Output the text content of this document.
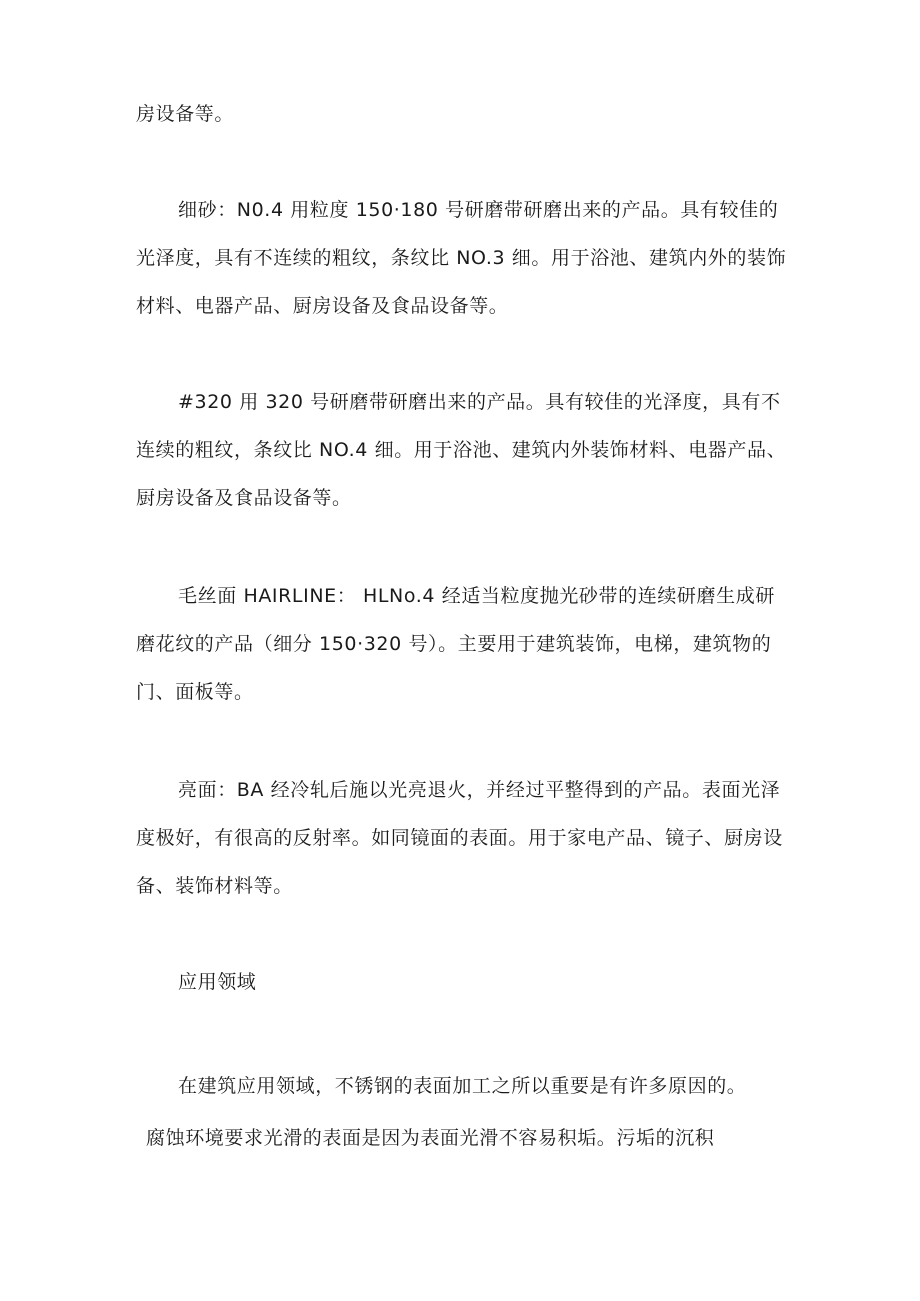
房设备等。
细砂：N0.4 用粒度 150·180 号研磨带研磨出来的产品。具有较佳的
光泽度，具有不连续的粗纹，条纹比 NO.3 细。用于浴池、建筑内外的装饰
材料、电器产品、厨房设备及食品设备等。
#320 用 320 号研磨带研磨出来的产品。具有较佳的光泽度，具有不
连续的粗纹，条纹比 NO.4 细。用于浴池、建筑内外装饰材料、电器产品、
厨房设备及食品设备等。
毛丝面 HAIRLINE： HLNo.4 经适当粒度抛光砂带的连续研磨生成研
磨花纹的产品（细分 150·320 号）。主要用于建筑装饰，电梯，建筑物的
门、面板等。
亮面：BA 经冷轧后施以光亮退火，并经过平整得到的产品。表面光泽
度极好，有很高的反射率。如同镜面的表面。用于家电产品、镜子、厨房设
备、装饰材料等。
应用领域
在建筑应用领域，不锈钢的表面加工之所以重要是有许多原因的。
腐蚀环境要求光滑的表面是因为表面光滑不容易积垢。污垢的沉积
